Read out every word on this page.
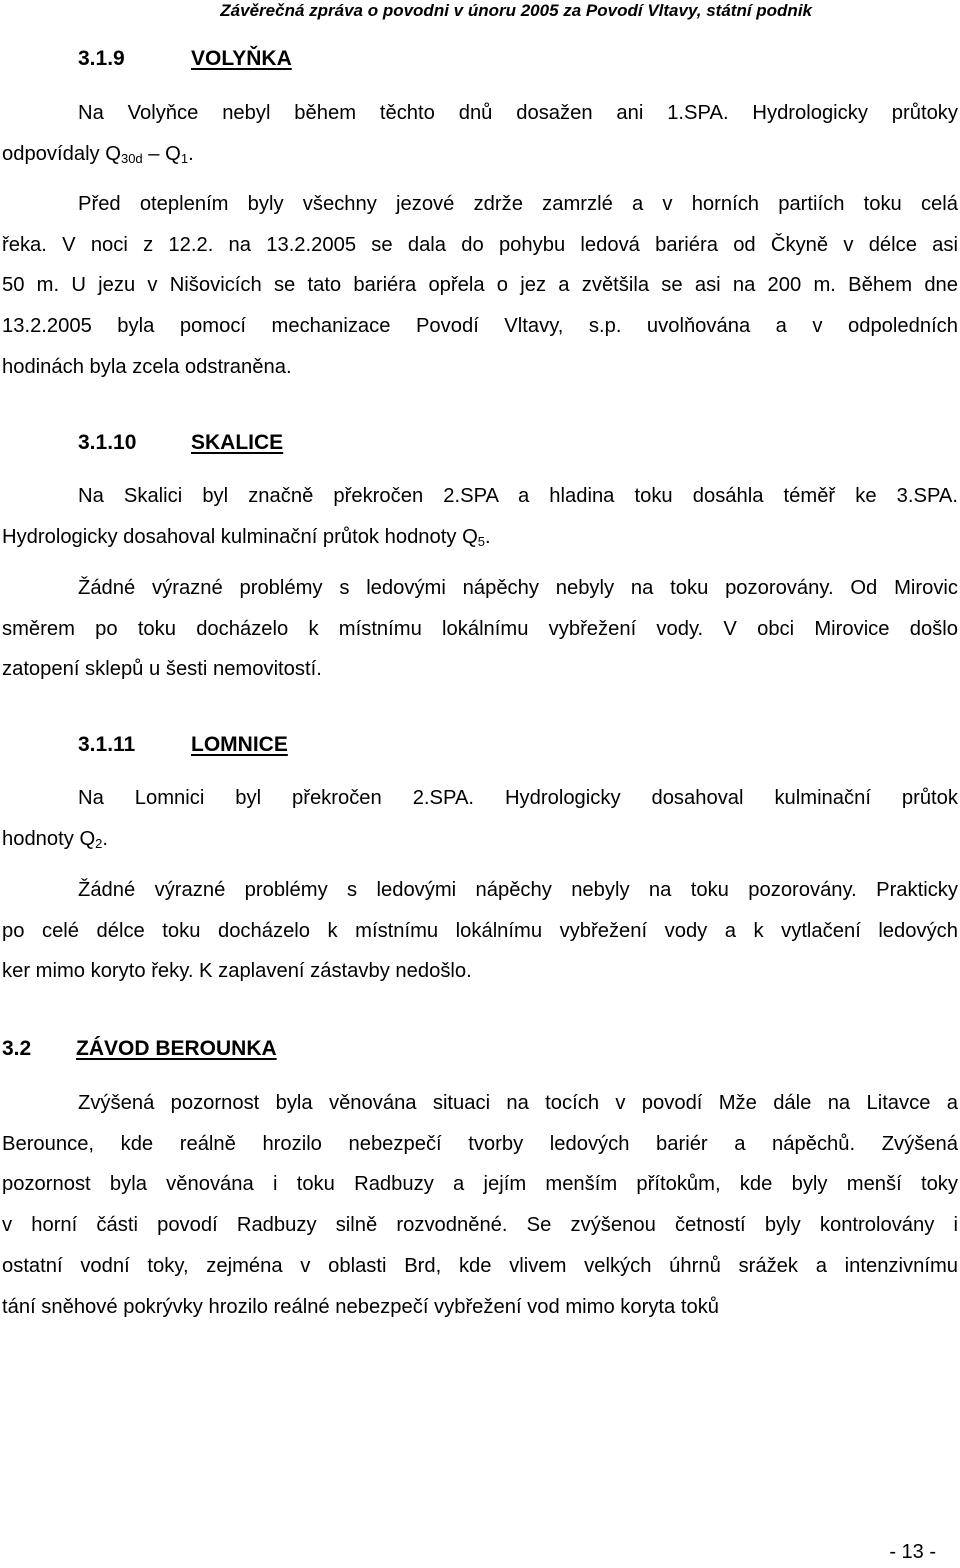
Závěrečná zpráva o povodni v únoru 2005 za Povodí Vltavy, státní podnik
3.1.9	VOLYŇKA

Na Volyňce nebyl během těchto dnů dosažen ani 1.SPA. Hydrologicky průtoky
odpovídaly $Q_{30d} - Q_1$.

Před oteplením byly všechny jezové zdrže zamrzlé a v horních partiích toku celá
řeka. V noci z 12.2. na 13.2.2005 se dala do pohybu ledová bariéra od Čkyně v délce asi
50 m. U jezu v Nišovicích se tato bariéra opřela o jez a zvětšila se asi na 200 m. Během dne
13.2.2005 byla pomocí mechanizace Povodí Vltavy, s.p. uvolňována a v odpoledních
hodinách byla zcela odstraněna.

3.1.10	SKALICE

Na Skalici byl značně překročen 2.SPA a hladina toku dosáhla téměř ke 3.SPA.
Hydrologicky dosahoval kulminační průtok hodnoty $Q_5$.

Žádné výrazné problémy s ledovými nápěchy nebyly na toku pozorovány. Od Mirovic
směrem po toku docházelo k místnímu lokálnímu vybřežení vody. V obci Mirovice došlo
zatopení sklepů u šesti nemovitostí.

3.1.11	LOMNICE

Na Lomnici byl překročen 2.SPA. Hydrologicky dosahoval kulminační průtok
hodnoty $Q_2$.

Žádné výrazné problémy s ledovými nápěchy nebyly na toku pozorovány. Prakticky
po celé délce toku docházelo k místnímu lokálnímu vybřežení vody a k vytlačení ledových
ker mimo koryto řeky. K zaplavení zástavby nedošlo.

3.2 ZÁVOD BEROUNKA

Zvýšená pozornost byla věnována situaci na tocích v povodí Mže dále na Litavce a
Berounce, kde reálně hrozilo nebezpečí tvorby ledových bariér a nápěchů. Zvýšená
pozornost byla věnována i toku Radbuzy a jejím menším přítokům, kde byly menší toky
v horní části povodí Radbuzy silně rozvodněné. Se zvýšenou četností byly kontrolovány i
ostatní vodní toky, zejména v oblasti Brd, kde vlivem velkých úhrnů srážek a intenzivnímu
tání sněhové pokrývky hrozilo reálné nebezpečí vybřežení vod mimo koryta toků

- 13 -
